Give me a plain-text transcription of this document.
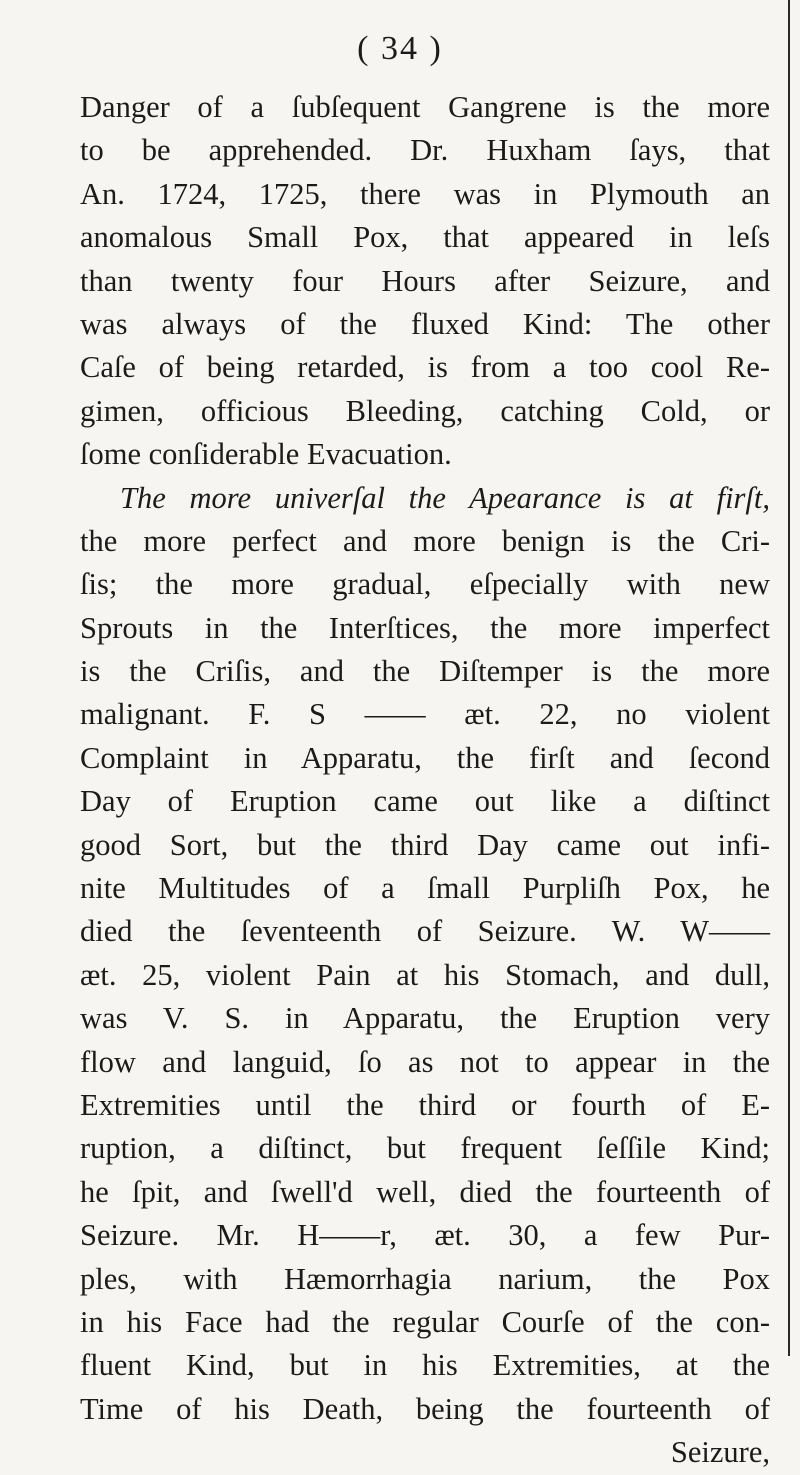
( 34 )
Danger of a ſubſequent Gangrene is the more
to be apprehended. Dr. Huxham ſays, that
An. 1724, 1725, there was in Plymouth an
anomalous Small Pox, that appeared in leſs
than twenty four Hours after Seizure, and
was always of the fluxed Kind: The other
Caſe of being retarded, is from a too cool Re-
gimen, officious Bleeding, catching Cold, or
ſome conſiderable Evacuation.
The more univerſal the Apearance is at firſt,
the more perfect and more benign is the Cri-
ſis; the more gradual, eſpecially with new
Sprouts in the Interſtices, the more imperfect
is the Criſis, and the Diſtemper is the more
malignant. F. S —— æt. 22, no violent
Complaint in Apparatu, the firſt and ſecond
Day of Eruption came out like a diſtinct
good Sort, but the third Day came out infi-
nite Multitudes of a ſmall Purpliſh Pox, he
died the ſeventeenth of Seizure. W. W——
æt. 25, violent Pain at his Stomach, and dull,
was V. S. in Apparatu, the Eruption very
flow and languid, ſo as not to appear in the
Extremities until the third or fourth of E-
ruption, a diſtinct, but frequent ſeſſile Kind;
he ſpit, and ſwell'd well, died the fourteenth of
Seizure. Mr. H——r, æt. 30, a few Pur-
ples, with Hæmorrhagia narium, the Pox
in his Face had the regular Courſe of the con-
fluent Kind, but in his Extremities, at the
Time of his Death, being the fourteenth of
Seizure,
